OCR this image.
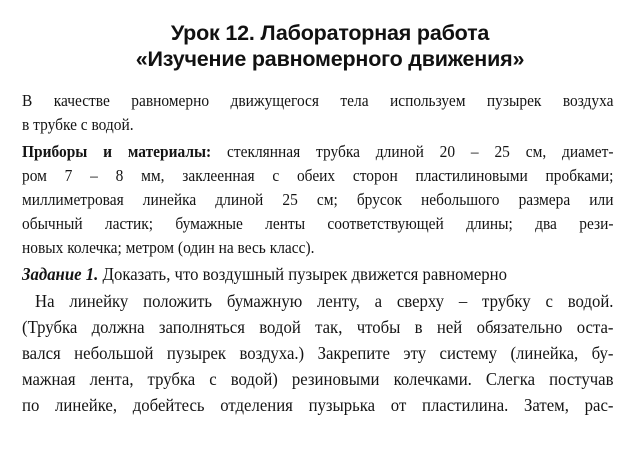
Урок 12. Лабораторная работа
«Изучение равномерного движения»
В качестве равномерно движущегося тела используем пузырек воздуха
в трубке с водой.
Приборы и материалы: стеклянная трубка длиной 20 – 25 см, диамет-
ром 7 – 8 мм, заклеенная с обеих сторон пластилиновыми пробками;
миллиметровая линейка длиной 25 см; брусок небольшого размера или
обычный ластик; бумажные ленты соответствующей длины; два рези-
новых колечка; метром (один на весь класс).
Задание 1. Доказать, что воздушный пузырек движется равномерно
На линейку положить бумажную ленту, а сверху – трубку с водой.
(Трубка должна заполняться водой так, чтобы в ней обязательно оста-
вался небольшой пузырек воздуха.) Закрепите эту систему (линейка, бу-
мажная лента, трубка с водой) резиновыми колечками. Слегка постучав
по линейке, добейтесь отделения пузырька от пластилина. Затем, рас-
